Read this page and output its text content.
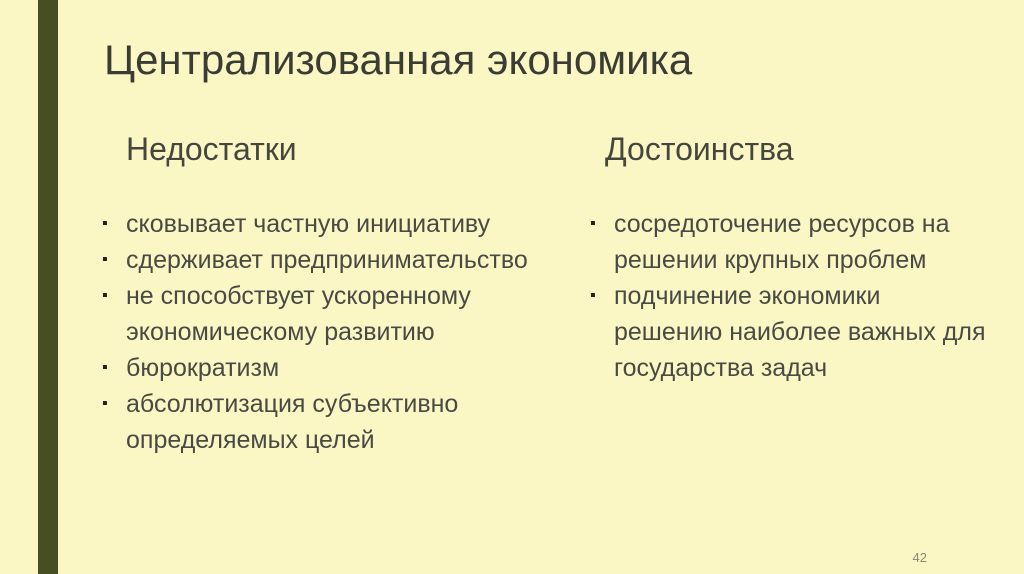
Централизованная экономика
Недостатки	Достоинства
▪ сковывает частную инициативу
▪ сдерживает предпринимательство
▪ не способствует ускоренному экономическому развитию
▪ бюрократизм
▪ абсолютизация субъективно определяемых целей
▪ сосредоточение ресурсов на решении крупных проблем
▪ подчинение экономики решению наиболее важных для государства задач
42
